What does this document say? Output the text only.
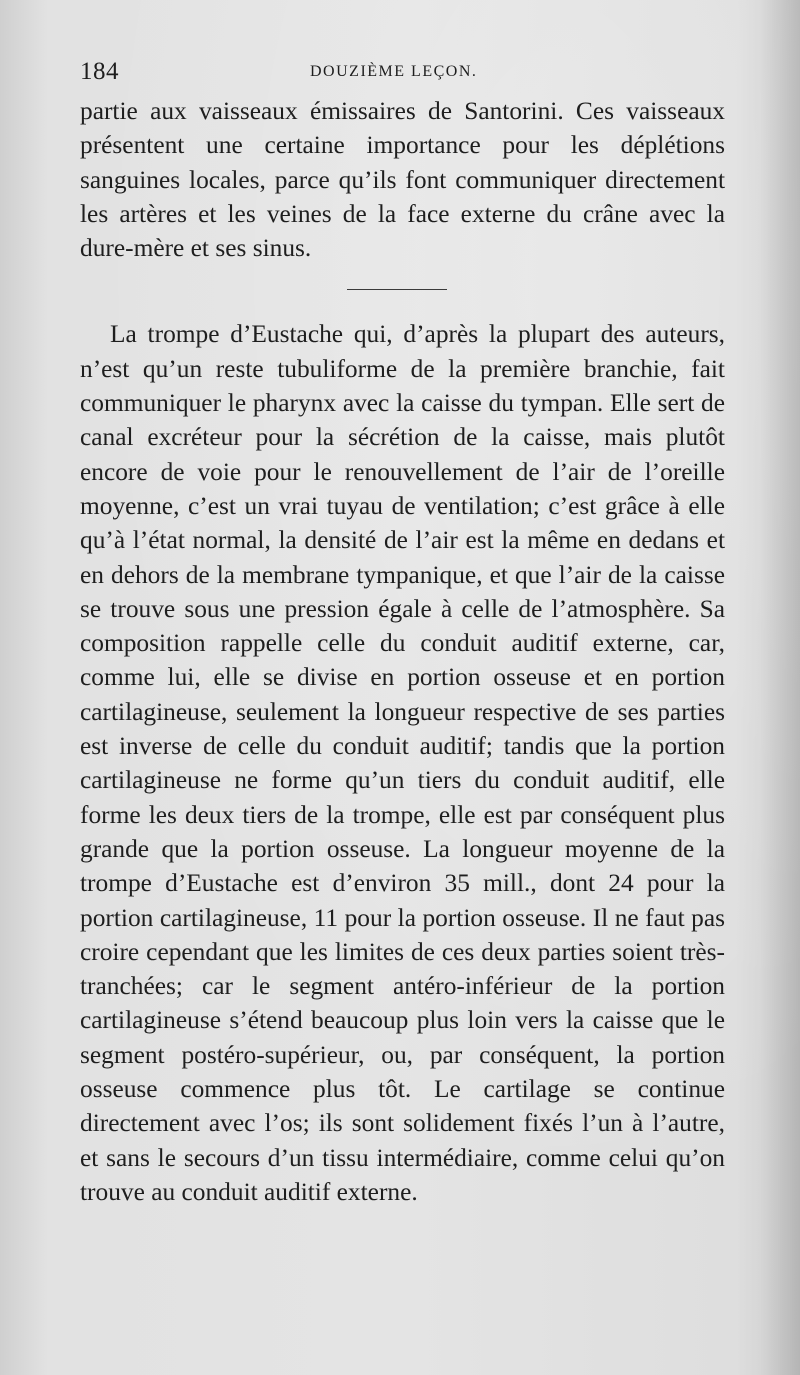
184	DOUZIÈME LEÇON.

partie aux vaisseaux émissaires de Santorini. Ces vaisseaux présentent une certaine importance pour les déplétions sanguines locales, parce qu’ils font communiquer directement les artères et les veines de la face externe du crâne avec la dure-mère et ses sinus.

La trompe d’Eustache qui, d’après la plupart des auteurs, n’est qu’un reste tubuliforme de la première branchie, fait communiquer le pharynx avec la caisse du tympan. Elle sert de canal excréteur pour la sécrétion de la caisse, mais plutôt encore de voie pour le renouvellement de l’air de l’oreille moyenne, c’est un vrai tuyau de ventilation; c’est grâce à elle qu’à l’état normal, la densité de l’air est la même en dedans et en dehors de la membrane tympanique, et que l’air de la caisse se trouve sous une pression égale à celle de l’atmosphère. Sa composition rappelle celle du conduit auditif externe, car, comme lui, elle se divise en portion osseuse et en portion cartilagineuse, seulement la longueur respective de ses parties est inverse de celle du conduit auditif; tandis que la portion cartilagineuse ne forme qu’un tiers du conduit auditif, elle forme les deux tiers de la trompe, elle est par conséquent plus grande que la portion osseuse. La longueur moyenne de la trompe d’Eustache est d’environ 35 mill., dont 24 pour la portion cartilagineuse, 11 pour la portion osseuse. Il ne faut pas croire cependant que les limites de ces deux parties soient très-tranchées; car le segment antéro-inférieur de la portion cartilagineuse s’étend beaucoup plus loin vers la caisse que le segment postéro-supérieur, ou, par conséquent, la portion osseuse commence plus tôt. Le cartilage se continue directement avec l’os; ils sont solidement fixés l’un à l’autre, et sans le secours d’un tissu intermédiaire, comme celui qu’on trouve au conduit auditif externe.
